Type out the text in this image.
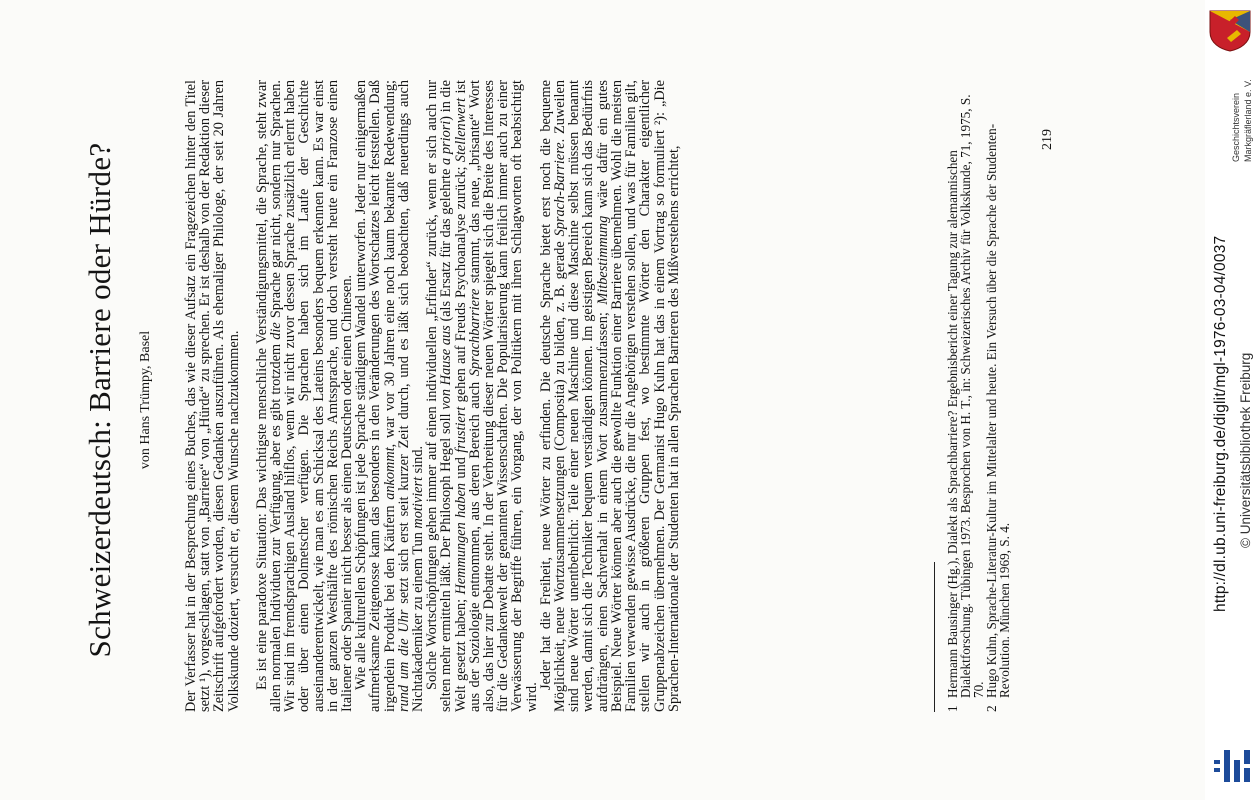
Schweizerdeutsch: Barriere oder Hürde? von Hans Trümpy, Basel Der Verfasser hat in der Besprechung eines Buches, das wie dieser Aufsatz ein Fragezeichen hinter den Titel setzt ¹), vorgeschlagen, statt von „Barriere“ von „Hürde“ zu sprechen. Er ist deshalb von der Redaktion dieser Zeitschrift aufgefordert worden, diesen Gedanken auszuführen. Als ehemaliger Philologe, der seit 20 Jahren Volkskunde doziert, versucht er, diesem Wunsche nachzukommen. Es ist eine paradoxe Situation: Das wichtigste menschliche Verständigungsmittel, die Sprache, steht zwar allen normalen Individuen zur Verfügung, aber es gibt trotzdem die Sprache gar nicht, sondern nur Sprachen. Wir sind im fremdsprachigen Ausland hilflos, wenn wir nicht zuvor dessen Sprache zusätzlich erlernt haben oder über einen Dolmetscher verfügen. Die Sprachen haben sich im Laufe der Geschichte auseinanderentwickelt, wie man es am Schicksal des Lateins besonders bequem erkennen kann. Es war einst in der ganzen Westhälfte des römischen Reichs Amtssprache, und doch versteht heute ein Franzose einen Italiener oder Spanier nicht besser als einen Deutschen oder einen Chinesen.

Wie alle kulturellen Schöpfungen ist jede Sprache ständigem Wandel unterworfen. Jeder nur einigermaßen aufmerksame Zeitgenosse kann das besonders in den Veränderungen des Wortschatzes leicht feststellen. Daß irgendein Produkt bei den Käufern ankommt, war vor 30 Jahren eine noch kaum bekannte Redewendung; rund um die Uhr setzt sich erst seit kurzer Zeit durch, und es läßt sich beobachten, daß neuerdings auch Nichtakademiker zu einem Tun motiviert sind.

Solche Wortschöpfungen gehen immer auf einen individuellen „Erfinder“ zurück, wenn er sich auch nur selten mehr ermitteln läßt. Der Philosoph Hegel soll von Hause aus (als Ersatz für das gelehrte a priori) in die Welt gesetzt haben; Hemmungen haben und frustiert gehen auf Freuds Psychoanalyse zurück; Stellenwert ist aus der Soziologie entnommen, aus deren Bereich auch Sprachbarriere stammt, das neue, „brisante“ Wort also, das hier zur Debatte steht. In der Verbreitung dieser neuen Wörter spiegelt sich die Breite des Interesses für die Gedankenwelt der genannten Wissenschaften. Die Popularisierung kann freilich immer auch zu einer Verwässerung der Begriffe führen, ein Vorgang, der von Politikern mit ihren Schlagworten oft beabsichtigt wird.

Jeder hat die Freiheit, neue Wörter zu erfinden. Die deutsche Sprache bietet erst noch die bequeme Möglichkeit, neue Wortzusammensetzungen (Composita) zu bilden, z. B. gerade Sprach-Barriere. Zuweilen sind neue Wörter unentbehrlich: Teile einer neuen Maschine und diese Maschine selbst müssen benannt werden, damit sich die Techniker bequem verständigen können. Im geistigen Bereich kann sich das Bedürfnis aufdrängen, einen Sachverhalt in einem Wort zusammenzufassen; Mitbestimmung wäre dafür ein gutes Beispiel. Neue Wörter können aber auch die gewollte Funktion einer Barriere übernehmen. Wohl die meisten Familien verwenden gewisse Ausdrücke, die nur die Angehörigen verstehen sollen, und was für Familien gilt, stellen wir auch in größeren Gruppen fest, wo bestimmte Wörter den Charakter eigentlicher Gruppenabzeichen übernehmen. Der Germanist Hugo Kuhn hat das in einem Vortrag so formuliert ²): „Die Sprachen-Internationale der Studenten hat in allen Sprachen Barrieren des Mißverstehens errichtet,	1
Hermann Bausinger (Hg.), Dialekt als Sprachbarriere? Ergebnisbericht einer Tagung zur alemannischen Dialektforschung. Tübingen 1973. Besprochen von H. T., in: Schweizerisches Archiv für Volkskunde, 71, 1975, S. 70.
2
Hugo Kuhn, Sprache-Literatur-Kultur im Mittelalter und heute. Ein Versuch über die Sprache der Studenten-Revolution. München 1969, S. 4.
219	Geschichtsverein Markgräflerland e. V.
http://dl.ub.uni-freiburg.de/diglit/mgl-1976-03-04/0037 © Universitätsbibliothek Freiburg
